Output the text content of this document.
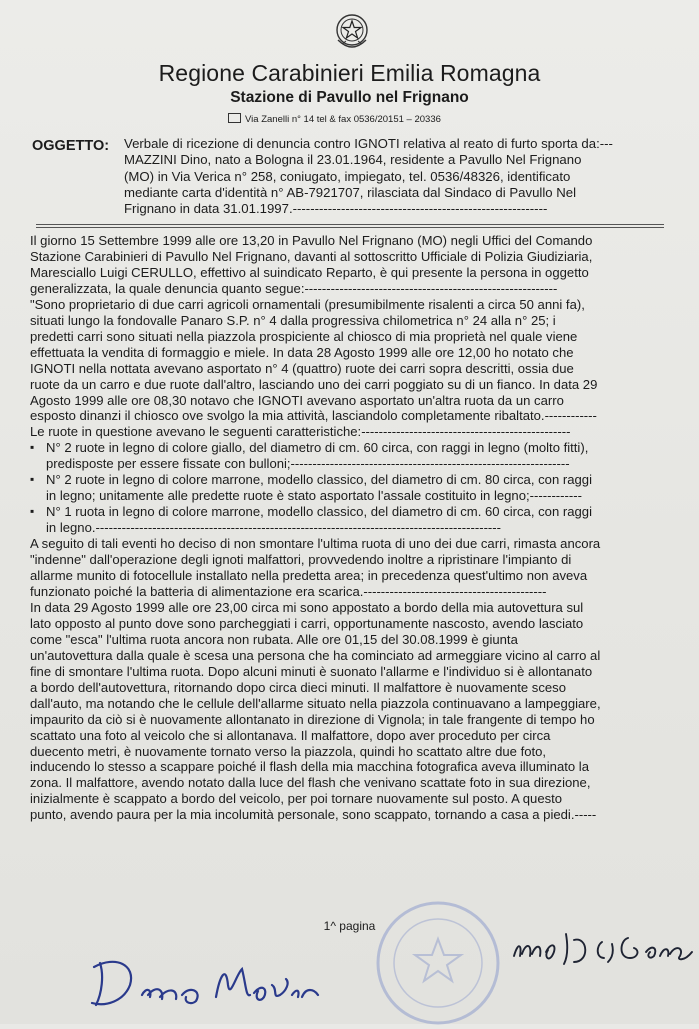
Regione Carabinieri Emilia Romagna
Stazione di Pavullo nel Frignano
Via Zanelli n° 14 tel & fax 0536/20151 – 20336
OGGETTO: Verbale di ricezione di denuncia contro IGNOTI relativa al reato di furto sporta da:---
MAZZINI Dino, nato a Bologna il 23.01.1964, residente a Pavullo Nel Frignano
(MO) in Via Verica n° 258, coniugato, impiegato, tel. 0536/48326, identificato
mediante carta d'identità n° AB-7921707, rilasciata dal Sindaco di Pavullo Nel
Frignano in data 31.01.1997.----------------------------------------------------------
Il giorno 15 Settembre 1999 alle ore 13,20 in Pavullo Nel Frignano (MO) negli Uffici del Comando
Stazione Carabinieri di Pavullo Nel Frignano, davanti al sottoscritto Ufficiale di Polizia Giudiziaria,
Maresciallo Luigi CERULLO, effettivo al suindicato Reparto, è qui presente la persona in oggetto
generalizzata, la quale denuncia quanto segue:----------------------------------------------------------
"Sono proprietario di due carri agricoli ornamentali (presumibilmente risalenti a circa 50 anni fa),
situati lungo la fondovalle Panaro S.P. n° 4 dalla progressiva chilometrica n° 24 alla n° 25; i
predetti carri sono situati nella piazzola prospiciente al chiosco di mia proprietà nel quale viene
effettuata la vendita di formaggio e miele. In data 28 Agosto 1999 alle ore 12,00 ho notato che
IGNOTI nella nottata avevano asportato n° 4 (quattro) ruote dei carri sopra descritti, ossia due
ruote da un carro e due ruote dall'altro, lasciando uno dei carri poggiato su di un fianco. In data 29
Agosto 1999 alle ore 08,30 notavo che IGNOTI avevano asportato un'altra ruota da un carro
esposto dinanzi il chiosco ove svolgo la mia attività, lasciandolo completamente ribaltato.------------
Le ruote in questione avevano le seguenti caratteristiche:------------------------------------------------
▪ N° 2 ruote in legno di colore giallo, del diametro di cm. 60 circa, con raggi in legno (molto fitti),
predisposte per essere fissate con bulloni;----------------------------------------------------------------
▪ N° 2 ruote in legno di colore marrone, modello classico, del diametro di cm. 80 circa, con raggi
in legno; unitamente alle predette ruote è stato asportato l'assale costituito in legno;------------
▪ N° 1 ruota in legno di colore marrone, modello classico, del diametro di cm. 60 circa, con raggi
in legno.---------------------------------------------------------------------------------------------
A seguito di tali eventi ho deciso di non smontare l'ultima ruota di uno dei due carri, rimasta ancora
"indenne" dall'operazione degli ignoti malfattori, provvedendo inoltre a ripristinare l'impianto di
allarme munito di fotocellule installato nella predetta area; in precedenza quest'ultimo non aveva
funzionato poiché la batteria di alimentazione era scarica.------------------------------------------
In data 29 Agosto 1999 alle ore 23,00 circa mi sono appostato a bordo della mia autovettura sul
lato opposto al punto dove sono parcheggiati i carri, opportunamente nascosto, avendo lasciato
come "esca" l'ultima ruota ancora non rubata. Alle ore 01,15 del 30.08.1999 è giunta
un'autovettura dalla quale è scesa una persona che ha cominciato ad armeggiare vicino al carro al
fine di smontare l'ultima ruota. Dopo alcuni minuti è suonato l'allarme e l'individuo si è allontanato
a bordo dell'autovettura, ritornando dopo circa dieci minuti. Il malfattore è nuovamente sceso
dall'auto, ma notando che le cellule dell'allarme situato nella piazzola continuavano a lampeggiare,
impaurito da ciò si è nuovamente allontanato in direzione di Vignola; in tale frangente di tempo ho
scattato una foto al veicolo che si allontanava. Il malfattore, dopo aver proceduto per circa
duecento metri, è nuovamente tornato verso la piazzola, quindi ho scattato altre due foto,
inducendo lo stesso a scappare poiché il flash della mia macchina fotografica aveva illuminato la
zona. Il malfattore, avendo notato dalla luce del flash che venivano scattate foto in sua direzione,
inizialmente è scappato a bordo del veicolo, per poi tornare nuovamente sul posto. A questo
punto, avendo paura per la mia incolumità personale, sono scappato, tornando a casa a piedi.-----
1^ pagina
